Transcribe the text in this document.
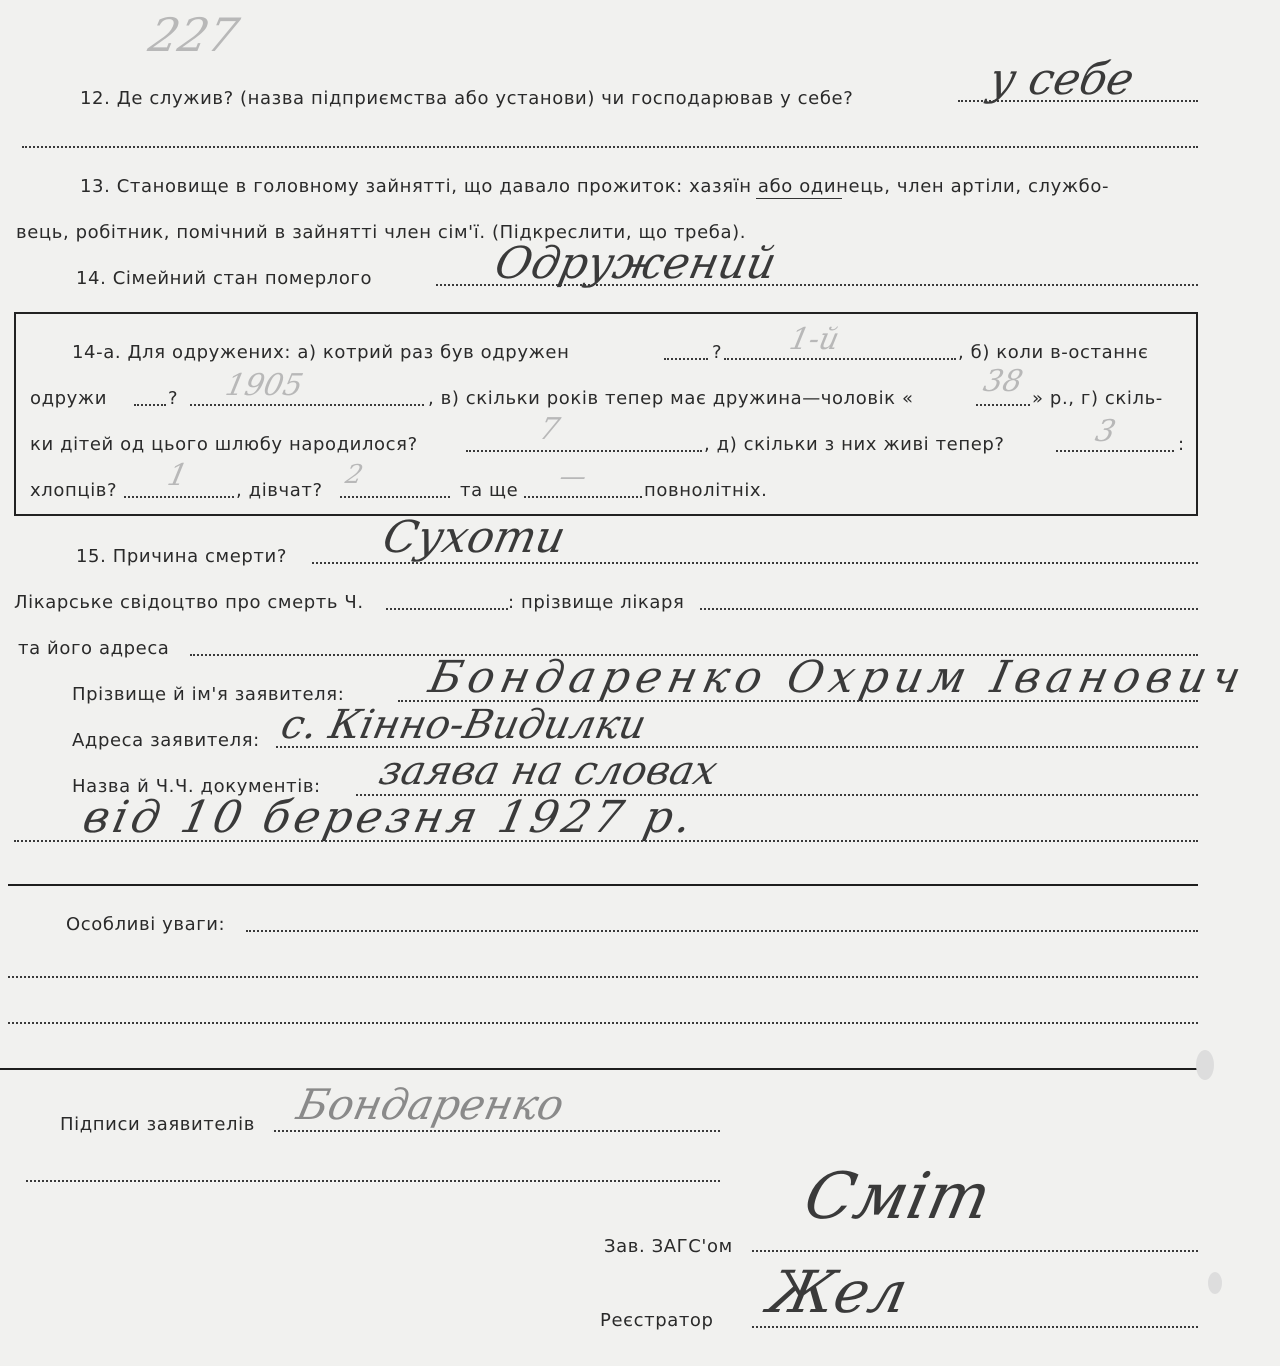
227
12. Де служив? (назва підприємства або установи) чи господарював у себе?	у себе
13. Становище в головному зайнятті, що давало прожиток: хазяїн або одинець, член артіли, службо-
вець, робітник, помічний в зайнятті член сім'ї. (Підкреслити, що треба).
14. Сімейний стан померлого	Одружений
14-а. Для одружених: а) котрий раз був одружен	? 1-й	, б) коли в-останнє
одружи	? 1905	, в) скільки років тепер має дружина—чоловік « 38 » р., г) скіль-
ки дітей од цього шлюбу народилося?	7	, д) скільки з них живі тепер?	3	:
хлопців? 1	, дівчат?
2
та ще —	повнолітніх.
15. Причина смерти? Сухоти
Лікарське свідоцтво про смерть Ч.	: прізвище лікаря
та його адреса
Прізвище й ім'я заявителя: Бондаренко Охрим Іванович
Адреса заявителя: с. Кінно-Видилки
Назва й Ч.Ч. документів: заява на словах
від 10 березня 1927 р.
Особливі уваги:
Підписи заявителів Бондаренко
Зав. ЗАГС'ом
Сміт
Реєстратор Жел
